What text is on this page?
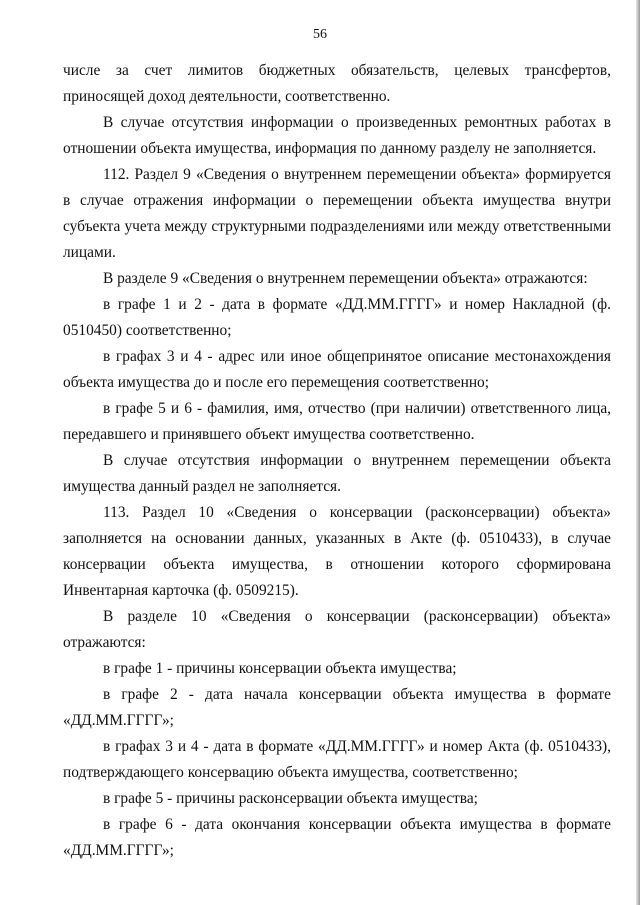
56

числе за счет лимитов бюджетных обязательств, целевых трансфертов, приносящей доход деятельности, соответственно.

В случае отсутствия информации о произведенных ремонтных работах в отношении объекта имущества, информация по данному разделу не заполняется.

112. Раздел 9 «Сведения о внутреннем перемещении объекта» формируется в случае отражения информации о перемещении объекта имущества внутри субъекта учета между структурными подразделениями или между ответственными лицами.

В разделе 9 «Сведения о внутреннем перемещении объекта» отражаются:

в графе 1 и 2 - дата в формате «ДД.ММ.ГГГГ» и номер Накладной (ф. 0510450) соответственно;

в графах 3 и 4 - адрес или иное общепринятое описание местонахождения объекта имущества до и после его перемещения соответственно;

в графе 5 и 6 - фамилия, имя, отчество (при наличии) ответственного лица, передавшего и принявшего объект имущества соответственно.

В случае отсутствия информации о внутреннем перемещении объекта имущества данный раздел не заполняется.

113. Раздел 10 «Сведения о консервации (расконсервации) объекта» заполняется на основании данных, указанных в Акте (ф. 0510433), в случае консервации объекта имущества, в отношении которого сформирована Инвентарная карточка (ф. 0509215).

В разделе 10 «Сведения о консервации (расконсервации) объекта» отражаются:

в графе 1 - причины консервации объекта имущества;

в графе 2 - дата начала консервации объекта имущества в формате «ДД.ММ.ГГГГ»;

в графах 3 и 4 - дата в формате «ДД.ММ.ГГГГ» и номер Акта (ф. 0510433), подтверждающего консервацию объекта имущества, соответственно;

в графе 5 - причины расконсервации объекта имущества;

в графе 6 - дата окончания консервации объекта имущества в формате «ДД.ММ.ГГГГ»;
